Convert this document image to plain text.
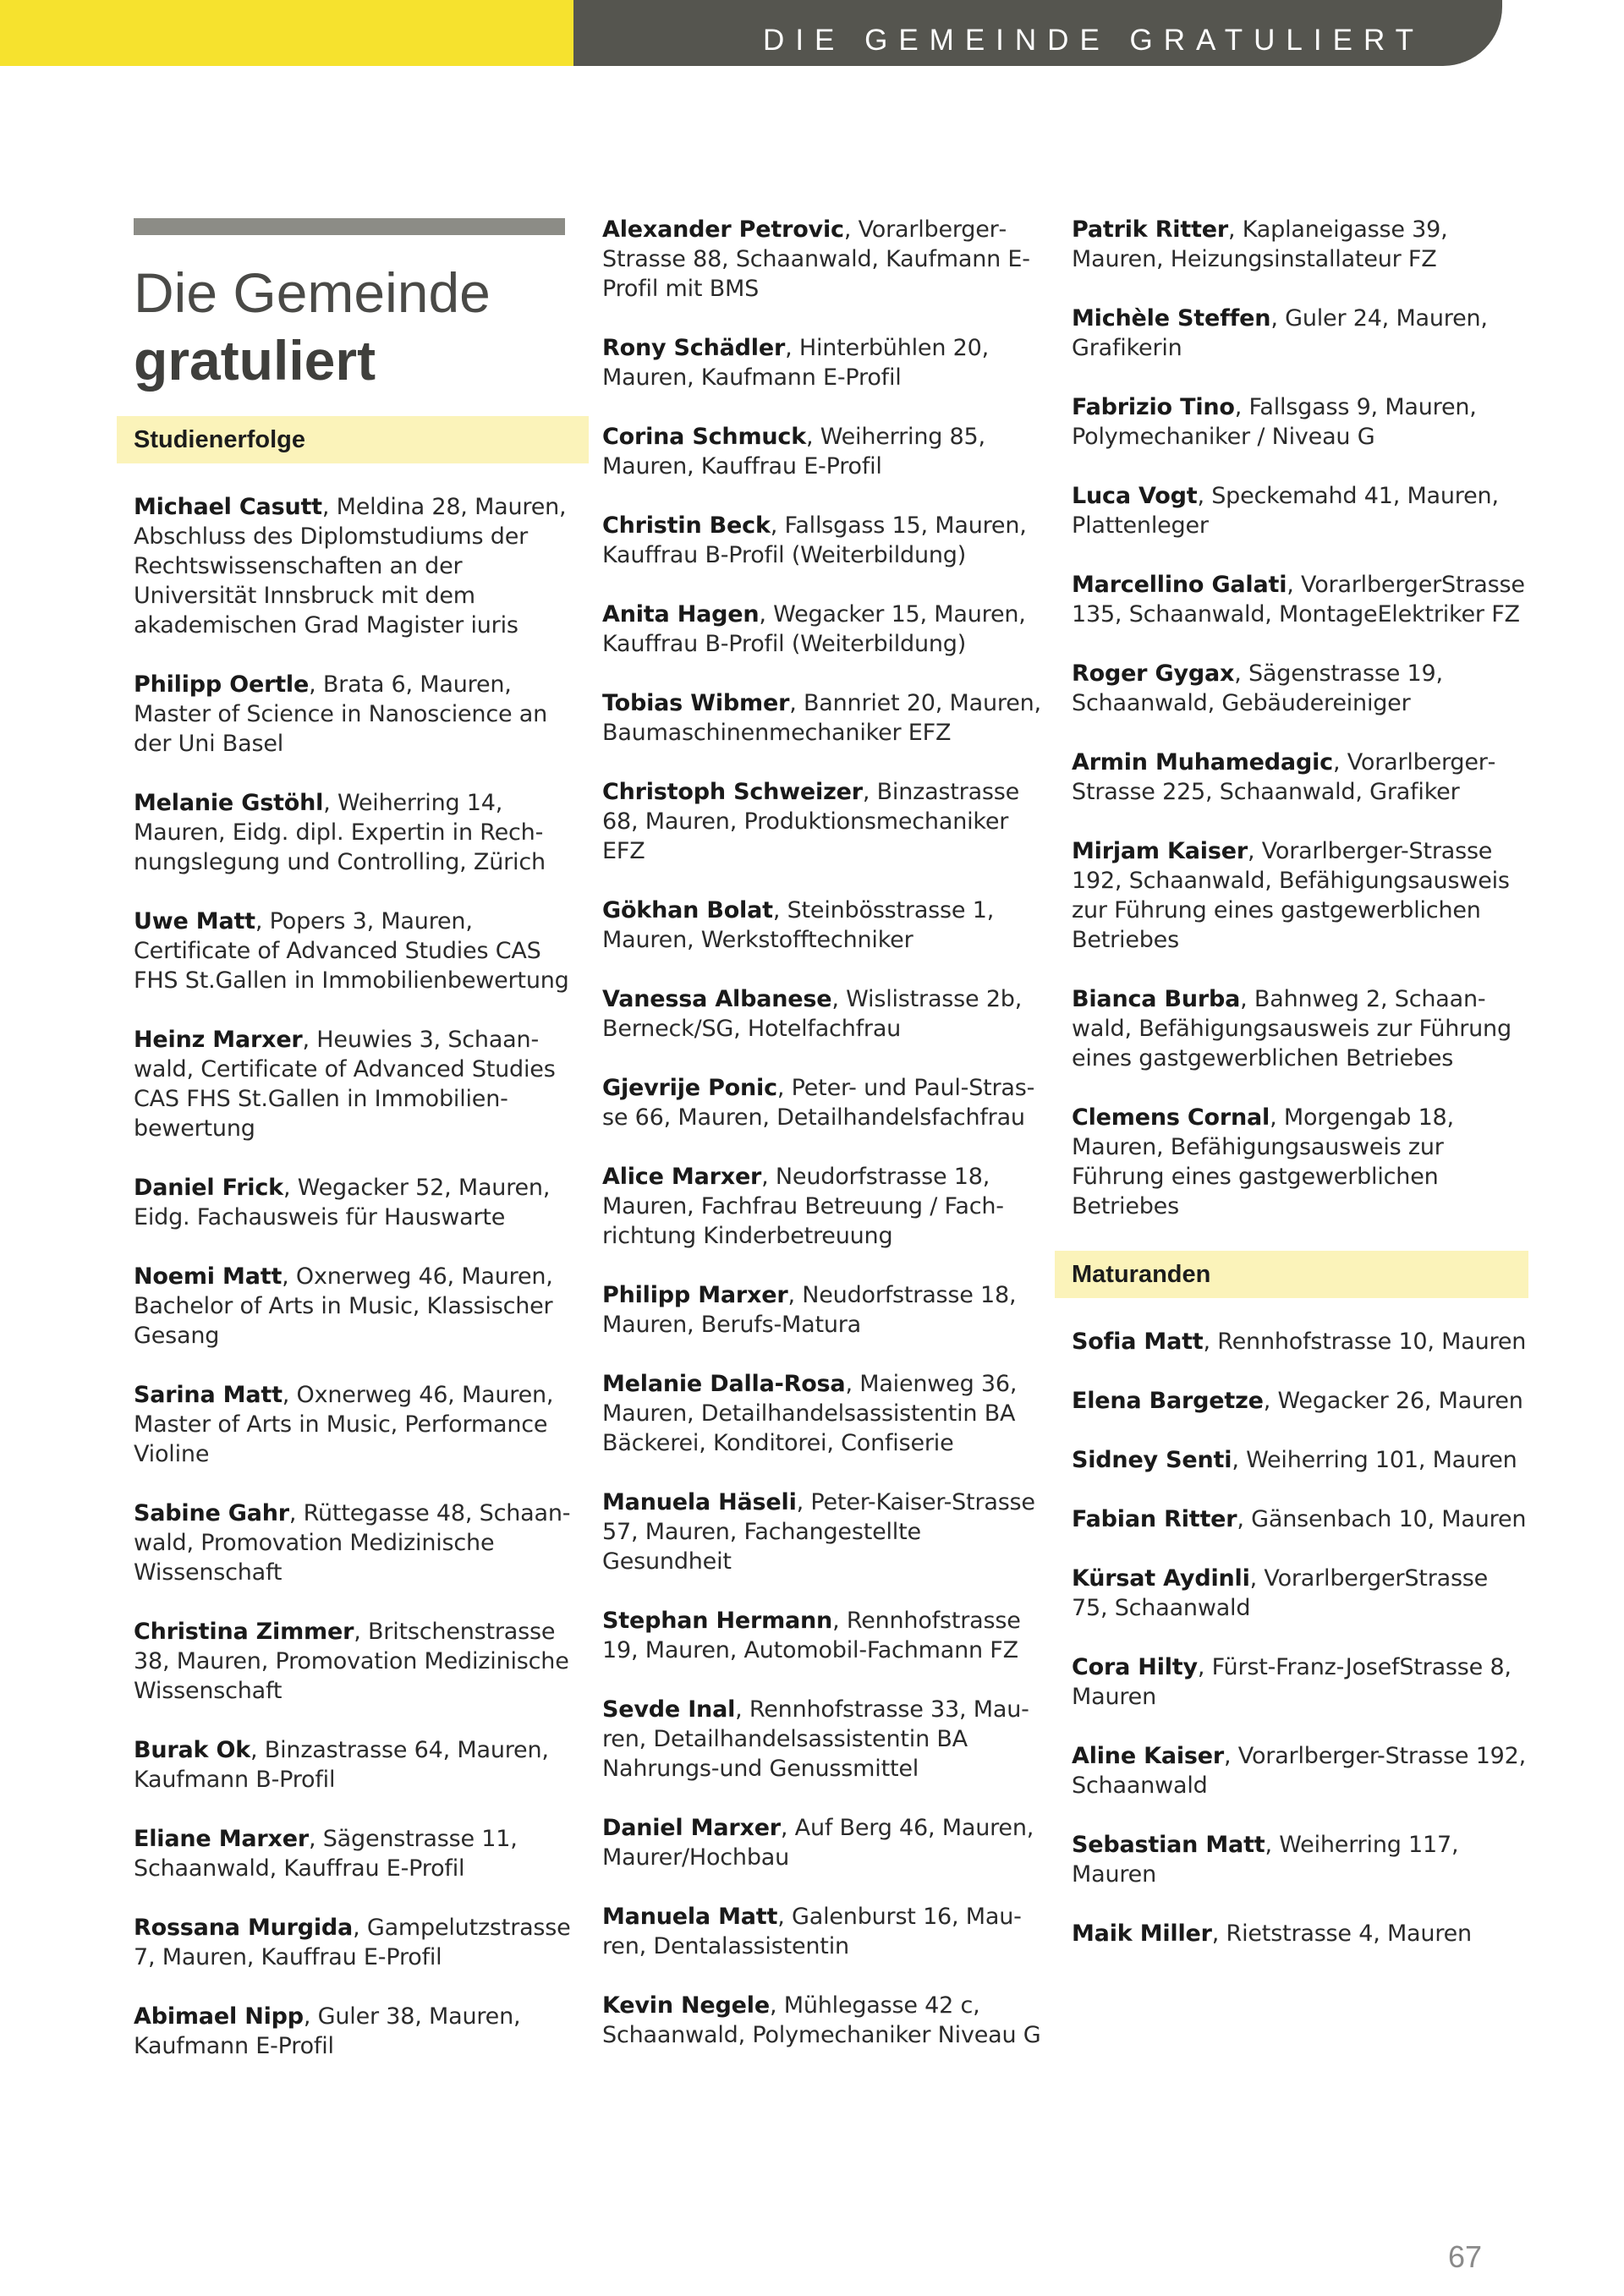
DIE GEMEINDE GRATULIERT
Die Gemeinde
gratuliert
Studienerfolge

Michael Casutt, Meldina 28, Mauren, Abschluss des Diplomstudiums der Rechtswissenschaften an der Universität Innsbruck mit dem akademischen Grad Magister iuris

Philipp Oertle, Brata 6, Mauren, Master of Science in Nanoscience an der Uni Basel

Melanie Gstöhl, Weiherring 14, Mauren, Eidg. dipl. Expertin in Rechnungslegung und Controlling, Zürich

Uwe Matt, Popers 3, Mauren, Certificate of Advanced Studies CAS FHS St.Gallen in Immobilienbewertung

Heinz Marxer, Heuwies 3, Schaanwald, Certificate of Advanced Studies CAS FHS St.Gallen in Immobilienbewertung

Daniel Frick, Wegacker 52, Mauren, Eidg. Fachausweis für Hauswarte

Noemi Matt, Oxnerweg 46, Mauren, Bachelor of Arts in Music, Klassischer Gesang

Sarina Matt, Oxnerweg 46, Mauren, Master of Arts in Music, Performance Violine

Sabine Gahr, Rüttegasse 48, Schaanwald, Promovation Medizinische Wissenschaft

Christina Zimmer, Britschenstrasse 38, Mauren, Promovation Medizinische Wissenschaft

Burak Ok, Binzastrasse 64, Mauren, Kaufmann B-Profil

Eliane Marxer, Sägenstrasse 11, Schaanwald, Kauffrau E-Profil

Rossana Murgida, Gampelutzstrasse 7, Mauren, Kauffrau E-Profil

Abimael Nipp, Guler 38, Mauren, Kaufmann E-Profil

Alexander Petrovic, VorarlbergerStrasse 88, Schaanwald, Kaufmann E-Profil mit BMS

Rony Schädler, Hinterbühlen 20, Mauren, Kaufmann E-Profil

Corina Schmuck, Weiherring 85, Mauren, Kauffrau E-Profil

Christin Beck, Fallsgass 15, Mauren, Kauffrau B-Profil (Weiterbildung)

Anita Hagen, Wegacker 15, Mauren, Kauffrau B-Profil (Weiterbildung)

Tobias Wibmer, Bannriet 20, Mauren, Baumaschinenmechaniker EFZ

Christoph Schweizer, Binzastrasse 68, Mauren, Produktionsmechaniker EFZ

Gökhan Bolat, Steinbösstrasse 1, Mauren, Werkstofftechniker

Vanessa Albanese, Wislistrasse 2b, Berneck/SG, Hotelfachfrau

Gjevrije Ponic, Peter- und Paul-Strasse 66, Mauren, Detailhandelsfachfrau

Alice Marxer, Neudorfstrasse 18, Mauren, Fachfrau Betreuung / Fachrichtung Kinderbetreuung

Philipp Marxer, Neudorfstrasse 18, Mauren, Berufs-Matura

Melanie Dalla-Rosa, Maienweg 36, Mauren, Detailhandelsassistentin BA Bäckerei, Konditorei, Confiserie

Manuela Häseli, Peter-Kaiser-Strasse 57, Mauren, Fachangestellte Gesundheit

Stephan Hermann, Rennhofstrasse 19, Mauren, Automobil-Fachmann FZ

Sevde Inal, Rennhofstrasse 33, Mauren, Detailhandelsassistentin BA Nahrungs-und Genussmittel

Daniel Marxer, Auf Berg 46, Mauren, Maurer/Hochbau

Manuela Matt, Galenburst 16, Mauren, Dentalassistentin

Kevin Negele, Mühlegasse 42 c, Schaanwald, Polymechaniker Niveau G

Patrik Ritter, Kaplaneigasse 39, Mauren, Heizungsinstallateur FZ

Michèle Steffen, Guler 24, Mauren, Grafikerin

Fabrizio Tino, Fallsgass 9, Mauren, Polymechaniker / Niveau G

Luca Vogt, Speckemahd 41, Mauren, Plattenleger

Marcellino Galati, VorarlbergerStrasse 135, Schaanwald, MontageElektriker FZ

Roger Gygax, Sägenstrasse 19, Schaanwald, Gebäudereiniger

Armin Muhamedagic, VorarlbergerStrasse 225, Schaanwald, Grafiker

Mirjam Kaiser, Vorarlberger-Strasse 192, Schaanwald, Befähigungsausweis zur Führung eines gastgewerblichen Betriebes

Bianca Burba, Bahnweg 2, Schaanwald, Befähigungsausweis zur Führung eines gastgewerblichen Betriebes

Clemens Cornal, Morgengab 18, Mauren, Befähigungsausweis zur Führung eines gastgewerblichen Betriebes

Maturanden

Sofia Matt, Rennhofstrasse 10, Mauren

Elena Bargetze, Wegacker 26, Mauren

Sidney Senti, Weiherring 101, Mauren

Fabian Ritter, Gänsenbach 10, Mauren

Kürsat Aydinli, VorarlbergerStrasse 75, Schaanwald

Cora Hilty, Fürst-Franz-JosefStrasse 8, Mauren

Aline Kaiser, Vorarlberger-Strasse 192, Schaanwald

Sebastian Matt, Weiherring 117, Mauren

Maik Miller, Rietstrasse 4, Mauren

67
